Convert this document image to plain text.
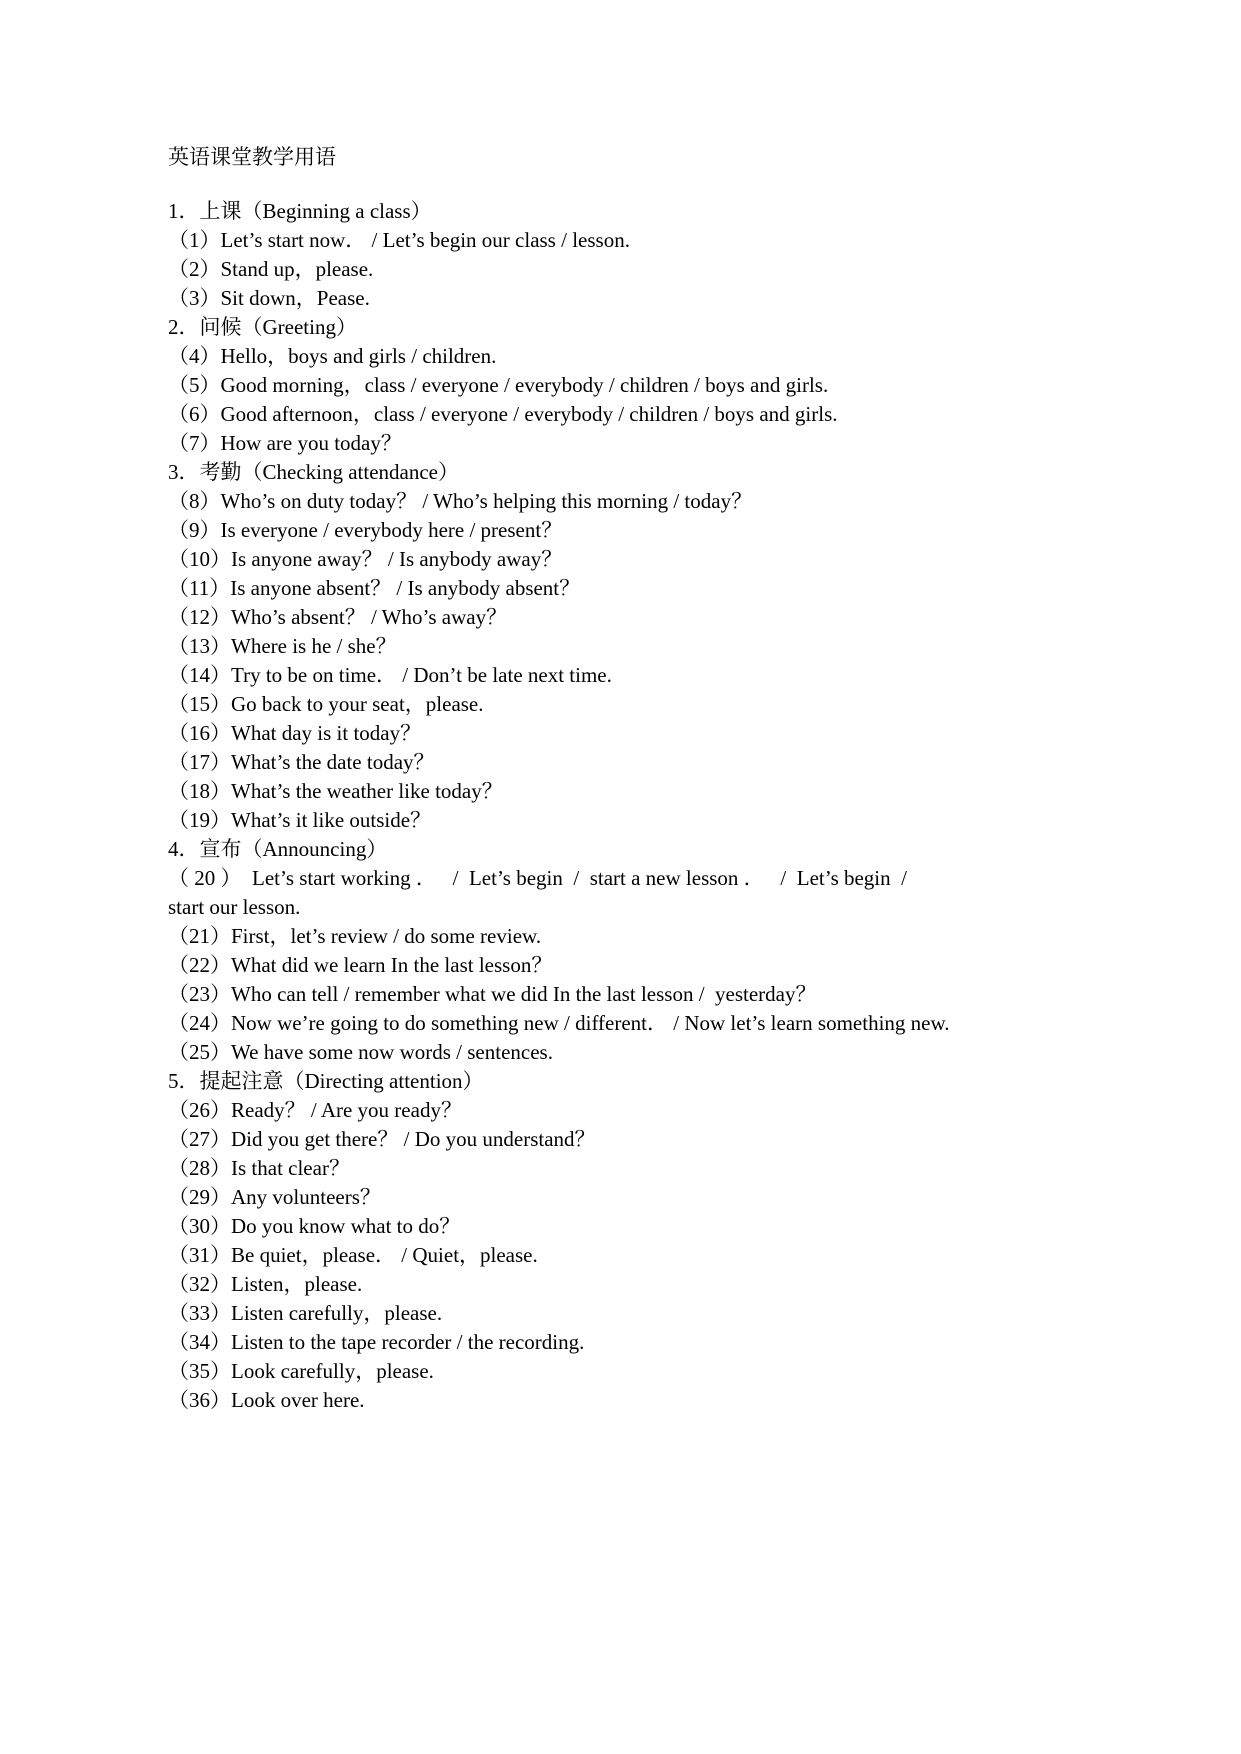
英语课堂教学用语
1．上课（Beginning a class）
（1）Let’s start now． / Let’s begin our class / lesson.
（2）Stand up，please.
（3）Sit down，Pease.
2．问候（Greeting）
（4）Hello，boys and girls / children.
（5）Good morning，class / everyone / everybody / children / boys and girls.
（6）Good afternoon，class / everyone / everybody / children / boys and girls.
（7）How are you today？
3．考勤（Checking attendance）
（8）Who’s on duty today？ / Who’s helping this morning / today？
（9）Is everyone / everybody here / present？
（10）Is anyone away？ / Is anybody away？
（11）Is anyone absent？ / Is anybody absent？
（12）Who’s absent？ / Who’s away？
（13）Where is he / she？
（14）Try to be on time． / Don’t be late next time.
（15）Go back to your seat，please.
（16）What day is it today？
（17）What’s the date today？
（18）What’s the weather like today？
（19）What’s it like outside？
4．宣布（Announcing）
（ 20 ）  Let’s start working ．   /  Let’s begin  /  start a new lesson ．   /  Let’s begin  /
start our lesson.
（21）First，let’s review / do some review.
（22）What did we learn In the last lesson？
（23）Who can tell / remember what we did In the last lesson /  yesterday？
（24）Now we’re going to do something new / different． / Now let’s learn something new.
（25）We have some now words / sentences.
5．提起注意（Directing attention）
（26）Ready？ / Are you ready？
（27）Did you get there？ / Do you understand？
（28）Is that clear？
（29）Any volunteers？
（30）Do you know what to do？
（31）Be quiet，please． / Quiet，please.
（32）Listen，please.
（33）Listen carefully，please.
（34）Listen to the tape recorder / the recording.
（35）Look carefully，please.
（36）Look over here.
